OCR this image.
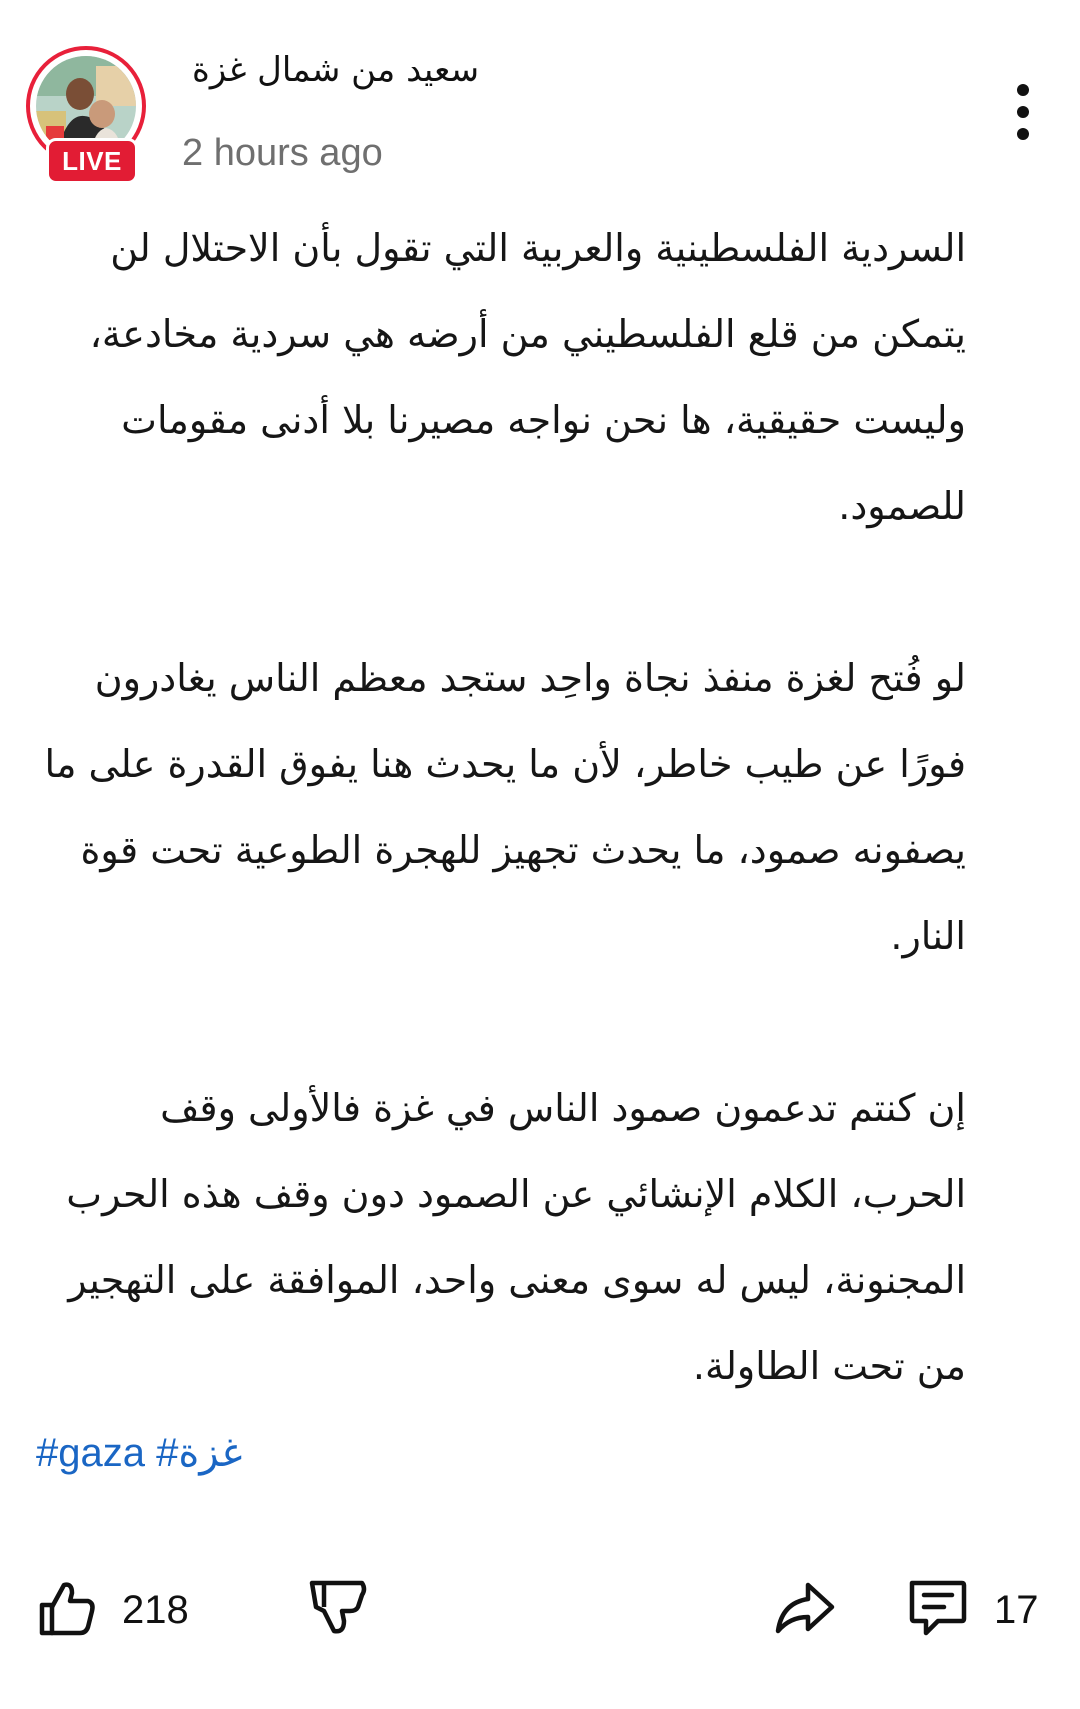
LIVE
سعيد من شمال غزة
2 hours ago

السردية الفلسطينية والعربية التي تقول بأن الاحتلال لن يتمكن من قلع الفلسطيني من أرضه هي سردية مخادعة، وليست حقيقية، ها نحن نواجه مصيرنا بلا أدنى مقومات للصمود.

لو فُتح لغزة منفذ نجاة واحِد ستجد معظم الناس يغادرون فورًا عن طيب خاطر، لأن ما يحدث هنا يفوق القدرة على ما يصفونه صمود، ما يحدث تجهيز للهجرة الطوعية تحت قوة النار.

إن كنتم تدعمون صمود الناس في غزة فالأولى وقف الحرب، الكلام الإنشائي عن الصمود دون وقف هذه الحرب المجنونة، ليس له سوى معنى واحد، الموافقة على التهجير من تحت الطاولة.

#gaza #غزة
218	17
